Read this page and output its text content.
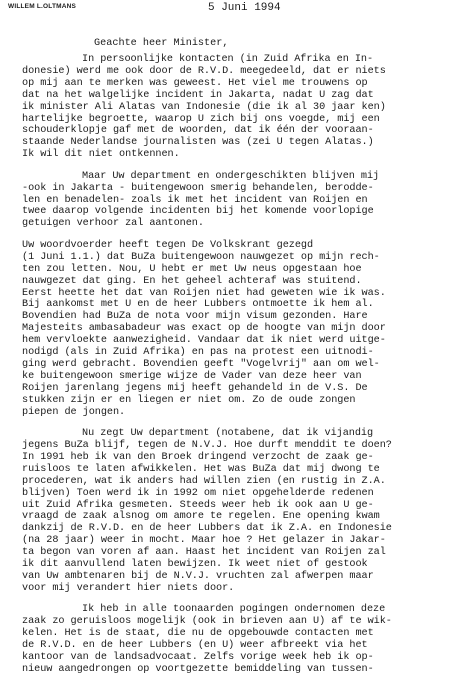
WILLEM L.OLTMANS	5 Juni 1994
Geachte heer Minister,
In persoonlijke kontacten (in Zuid Afrika en In-
donesie) werd me ook door de R.V.D. meegedeeld, dat er niets
op mij aan te merken was geweest. Het viel me trouwens op
dat na het walgelijke incident in Jakarta, nadat U zag dat
ik minister Ali Alatas van Indonesie (die ik al 30 jaar ken)
hartelijke begroette, waarop U zich bij ons voegde, mij een
schouderklopje gaf met de woorden, dat ik één der vooraan-
staande Nederlandse journalisten was (zei U tegen Alatas.)
Ik wil dit niet ontkennen.
Maar Uw department en ondergeschikten blijven mij
-ook in Jakarta - buitengewoon smerig behandelen, berodde-
len en benadelen- zoals ik met het incident van Roijen en
twee daarop volgende incidenten bij het komende voorlopige
getuigen verhoor zal aantonen.
Uw woordvoerder heeft tegen De Volkskrant gezegd
(1 Juni 1.1.) dat BuZa buitengewoon nauwgezet op mijn rech-
ten zou letten. Nou, U hebt er met Uw neus opgestaan hoe
nauwgezet dat ging. En het geheel achteraf was stuitend.
Eerst heette het dat van Roijen niet had geweten wie ik was.
Bij aankomst met U en de heer Lubbers ontmoette ik hem al.
Bovendien had BuZa de nota voor mijn visum gezonden. Hare
Majesteits ambasabadeur was exact op de hoogte van mijn door
hem vervloekte aanwezigheid. Vandaar dat ik niet werd uitge-
nodigd (als in Zuid Afrika) en pas na protest een uitnodi-
ging werd gebracht. Bovendien geeft "Vogelvrij" aan om wel-
ke buitengewoon smerige wijze de Vader van deze heer van
Roijen jarenlang jegens mij heeft gehandeld in de V.S. De
stukken zijn er en liegen er niet om. Zo de oude zongen
piepen de jongen.
Nu zegt Uw department (notabene, dat ik vijandig
jegens BuZa blijf, tegen de N.V.J. Hoe durft menddit te doen?
In 1991 heb ik van den Broek dringend verzocht de zaak ge-
ruisloos te laten afwikkelen. Het was BuZa dat mij dwong te
procederen, wat ik anders had willen zien (en rustig in Z.A.
blijven) Toen werd ik in 1992 om niet opgehelderde redenen
uit Zuid Afrika gesmeten. Steeds weer heb ik ook aan U ge-
vraagd de zaak alsnog om amore te regelen. Ene opening kwam
dankzij de R.V.D. en de heer Lubbers dat ik Z.A. en Indonesie
(na 28 jaar) weer in mocht. Maar hoe ? Het gelazer in Jakar-
ta begon van voren af aan. Haast het incident van Roijen zal
ik dit aanvullend laten bewijzen. Ik weet niet of gestook
van Uw ambtenaren bij de N.V.J. vruchten zal afwerpen maar
voor mij verandert hier niets door.
Ik heb in alle toonaarden pogingen ondernomen deze
zaak zo geruisloos mogelijk (ook in brieven aan U) af te wik-
kelen. Het is de staat, die nu de opgebouwde contacten met
de R.V.D. en de heer Lubbers (en U) weer afbreekt via het
kantoor van de landsadvocaat. Zelfs vorige week heb ik op-
nieuw aangedrongen op voortgezette bemiddeling van tussen-
